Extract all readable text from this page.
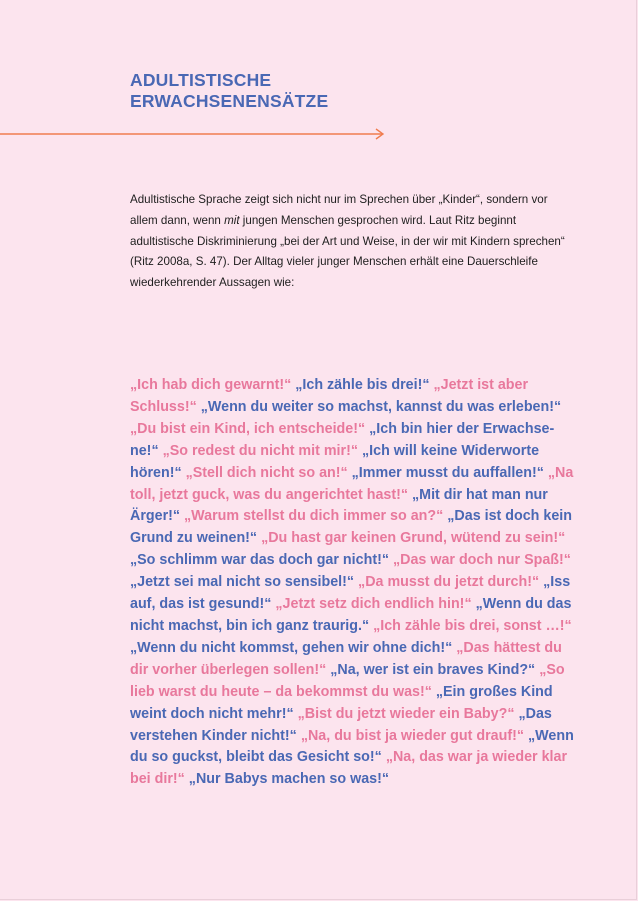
ADULTISTISCHE
ERWACHSENENSÄTZE

Adultistische Sprache zeigt sich nicht nur im Sprechen über „Kinder“, sondern vor allem dann, wenn mit jungen Menschen gesprochen wird. Laut Ritz beginnt adultistische Diskriminierung „bei der Art und Weise, in der wir mit Kindern sprechen“ (Ritz 2008a, S. 47). Der Alltag vieler junger Menschen erhält eine Dauerschleife wiederkehrender Aussagen wie:

„Ich hab dich gewarnt!“ „Ich zähle bis drei!“ „Jetzt ist aber Schluss!“ „Wenn du weiter so machst, kannst du was erleben!“ „Du bist ein Kind, ich entscheide!“ „Ich bin hier der Erwachsene!“ „So redest du nicht mit mir!“ „Ich will keine Widerworte hören!“ „Stell dich nicht so an!“ „Immer musst du auffallen!“ „Na toll, jetzt guck, was du angerichtet hast!“ „Mit dir hat man nur Ärger!“ „Warum stellst du dich immer so an?“ „Das ist doch kein Grund zu weinen!“ „Du hast gar keinen Grund, wütend zu sein!“ „So schlimm war das doch gar nicht!“ „Das war doch nur Spaß!“ „Jetzt sei mal nicht so sensibel!“ „Da musst du jetzt durch!“ „Iss auf, das ist gesund!“ „Jetzt setz dich endlich hin!“ „Wenn du das nicht machst, bin ich ganz traurig.“ „Ich zähle bis drei, sonst …!“ „Wenn du nicht kommst, gehen wir ohne dich!“ „Das hättest du dir vorher überlegen sollen!“ „Na, wer ist ein braves Kind?“ „So lieb warst du heute – da bekommst du was!“ „Ein großes Kind weint doch nicht mehr!“ „Bist du jetzt wieder ein Baby?“ „Das verstehen Kinder nicht!“ „Na, du bist ja wieder gut drauf!“ „Wenn du so guckst, bleibt das Gesicht so!“ „Na, das war ja wieder klar bei dir!“ „Nur Babys machen so was!“
